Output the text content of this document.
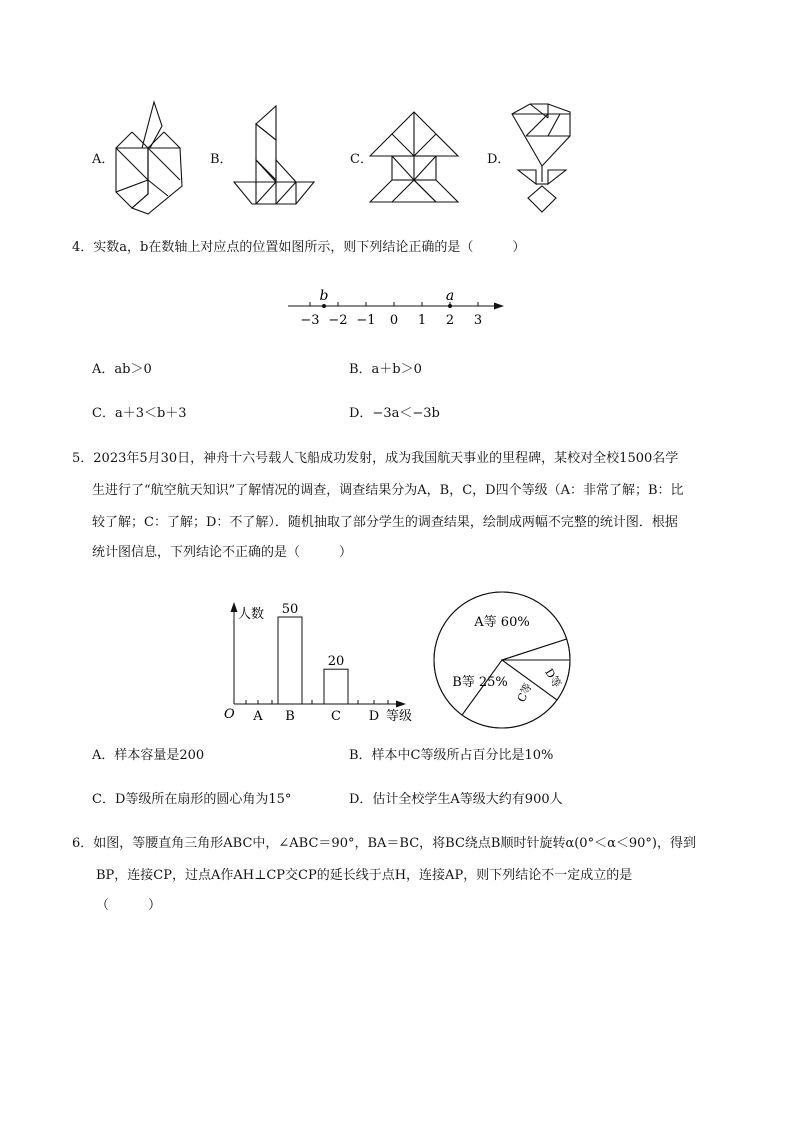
A．	B．	C．	D．
4．实数a，b在数轴上对应点的位置如图所示，则下列结论正确的是（　　　）
−3 −2 −1 0 1 2 3
b	a
A．ab＞0	B．a＋b＞0
C．a＋3＜b＋3	D．−3a＜−3b
5．2023年5月30日，神舟十六号载人飞船成功发射，成为我国航天事业的里程碑，某校对全校1500名学
生进行了“航空航天知识”了解情况的调查，调查结果分为A，B，C，D四个等级（A：非常了解；B：比
较了解；C：了解；D：不了解）．随机抽取了部分学生的调查结果，绘制成两幅不完整的统计图．根据
统计图信息，下列结论不正确的是（　　　）
人数
等级
O A B
50
C
20
D
A等 60%
B等 25% C等
D等
A．样本容量是200	B．样本中C等级所占百分比是10%
C．D等级所在扇形的圆心角为15°	D．估计全校学生A等级大约有900人
6．如图，等腰直角三角形ABC中，∠ABC＝90°，BA＝BC，将BC绕点B顺时针旋转α(0°＜α＜90°)，得到
BP，连接CP，过点A作AH⊥CP交CP的延长线于点H，连接AP，则下列结论不一定成立的是
（　　　）
